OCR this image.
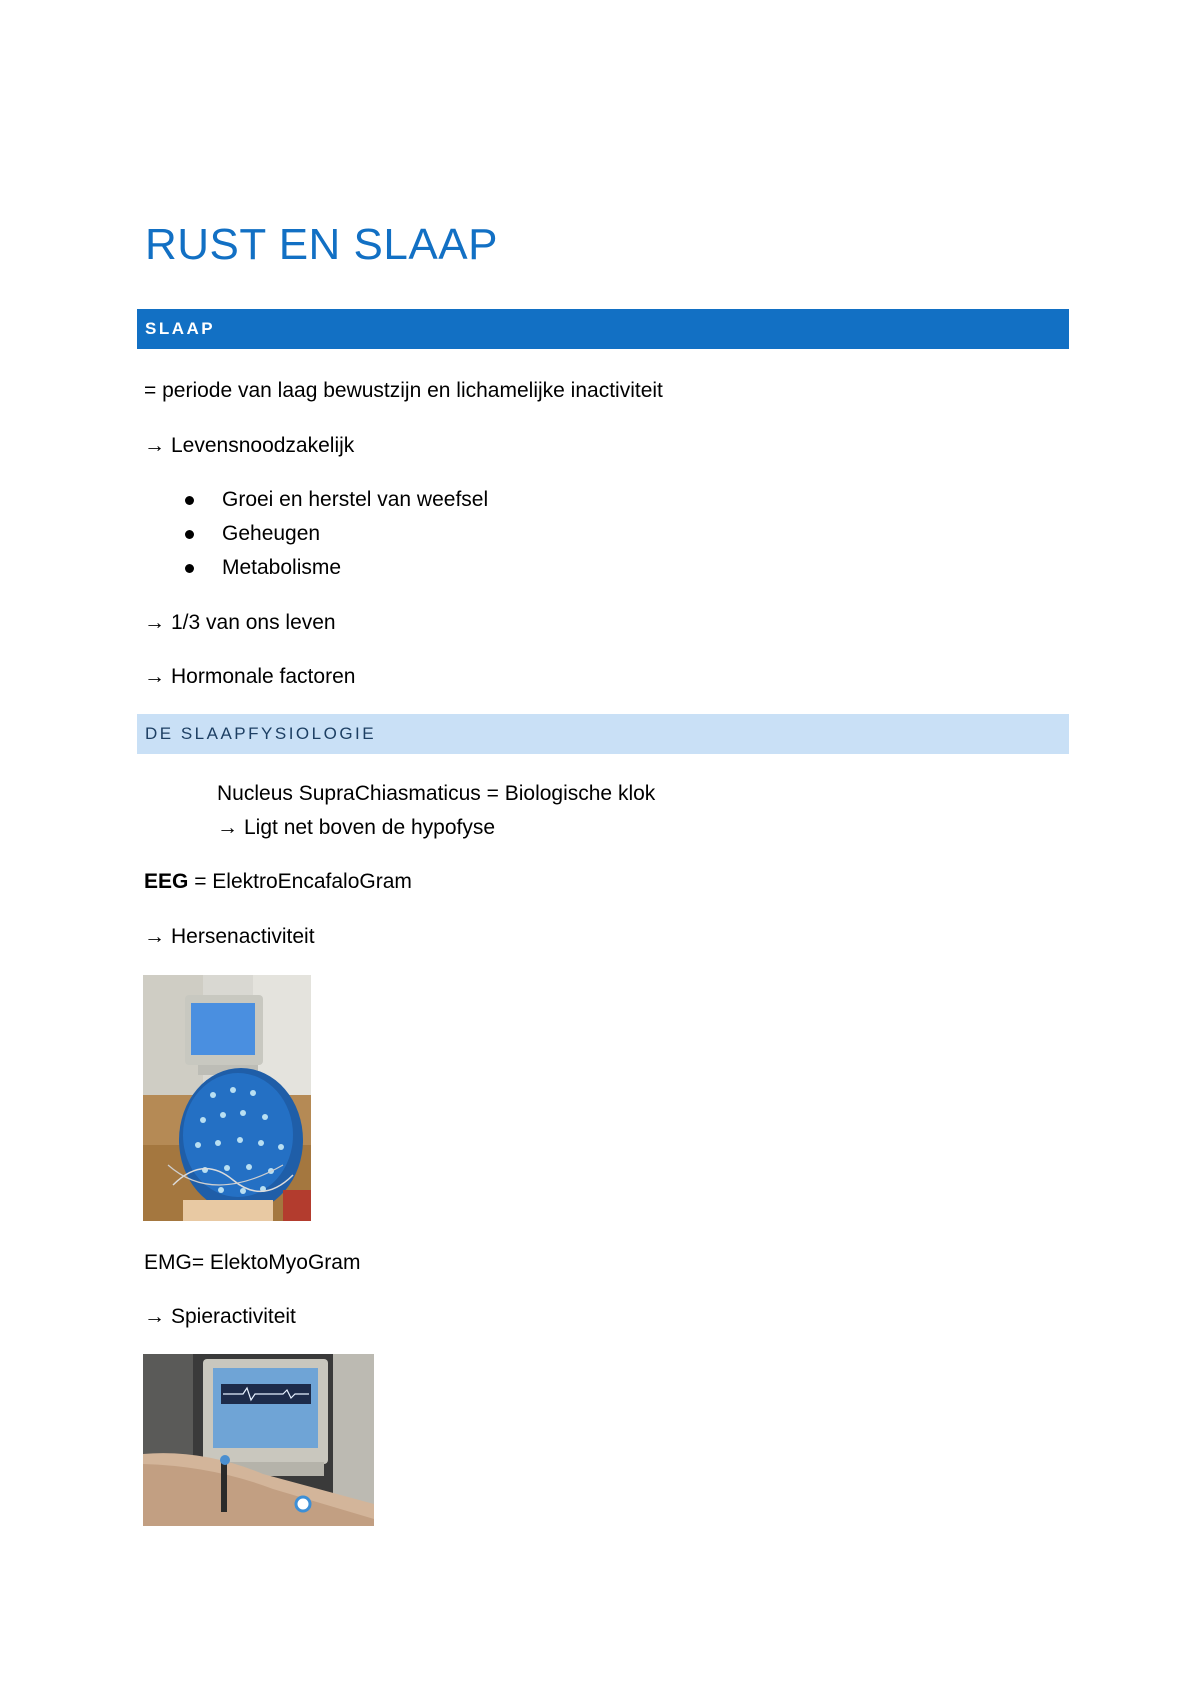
RUST EN SLAAP
SLAAP
= periode van laag bewustzijn en lichamelijke inactiviteit
→ Levensnoodzakelijk
Groei en herstel van weefsel
Geheugen
Metabolisme
→ 1/3 van ons leven
→ Hormonale factoren
DE SLAAPFYSIOLOGIE
Nucleus SupraChiasmaticus = Biologische klok
→ Ligt net boven de hypofyse
EEG = ElektroEncafaloGram
→ Hersenactiviteit
EMG= ElektoMyoGram
→ Spieractiviteit
